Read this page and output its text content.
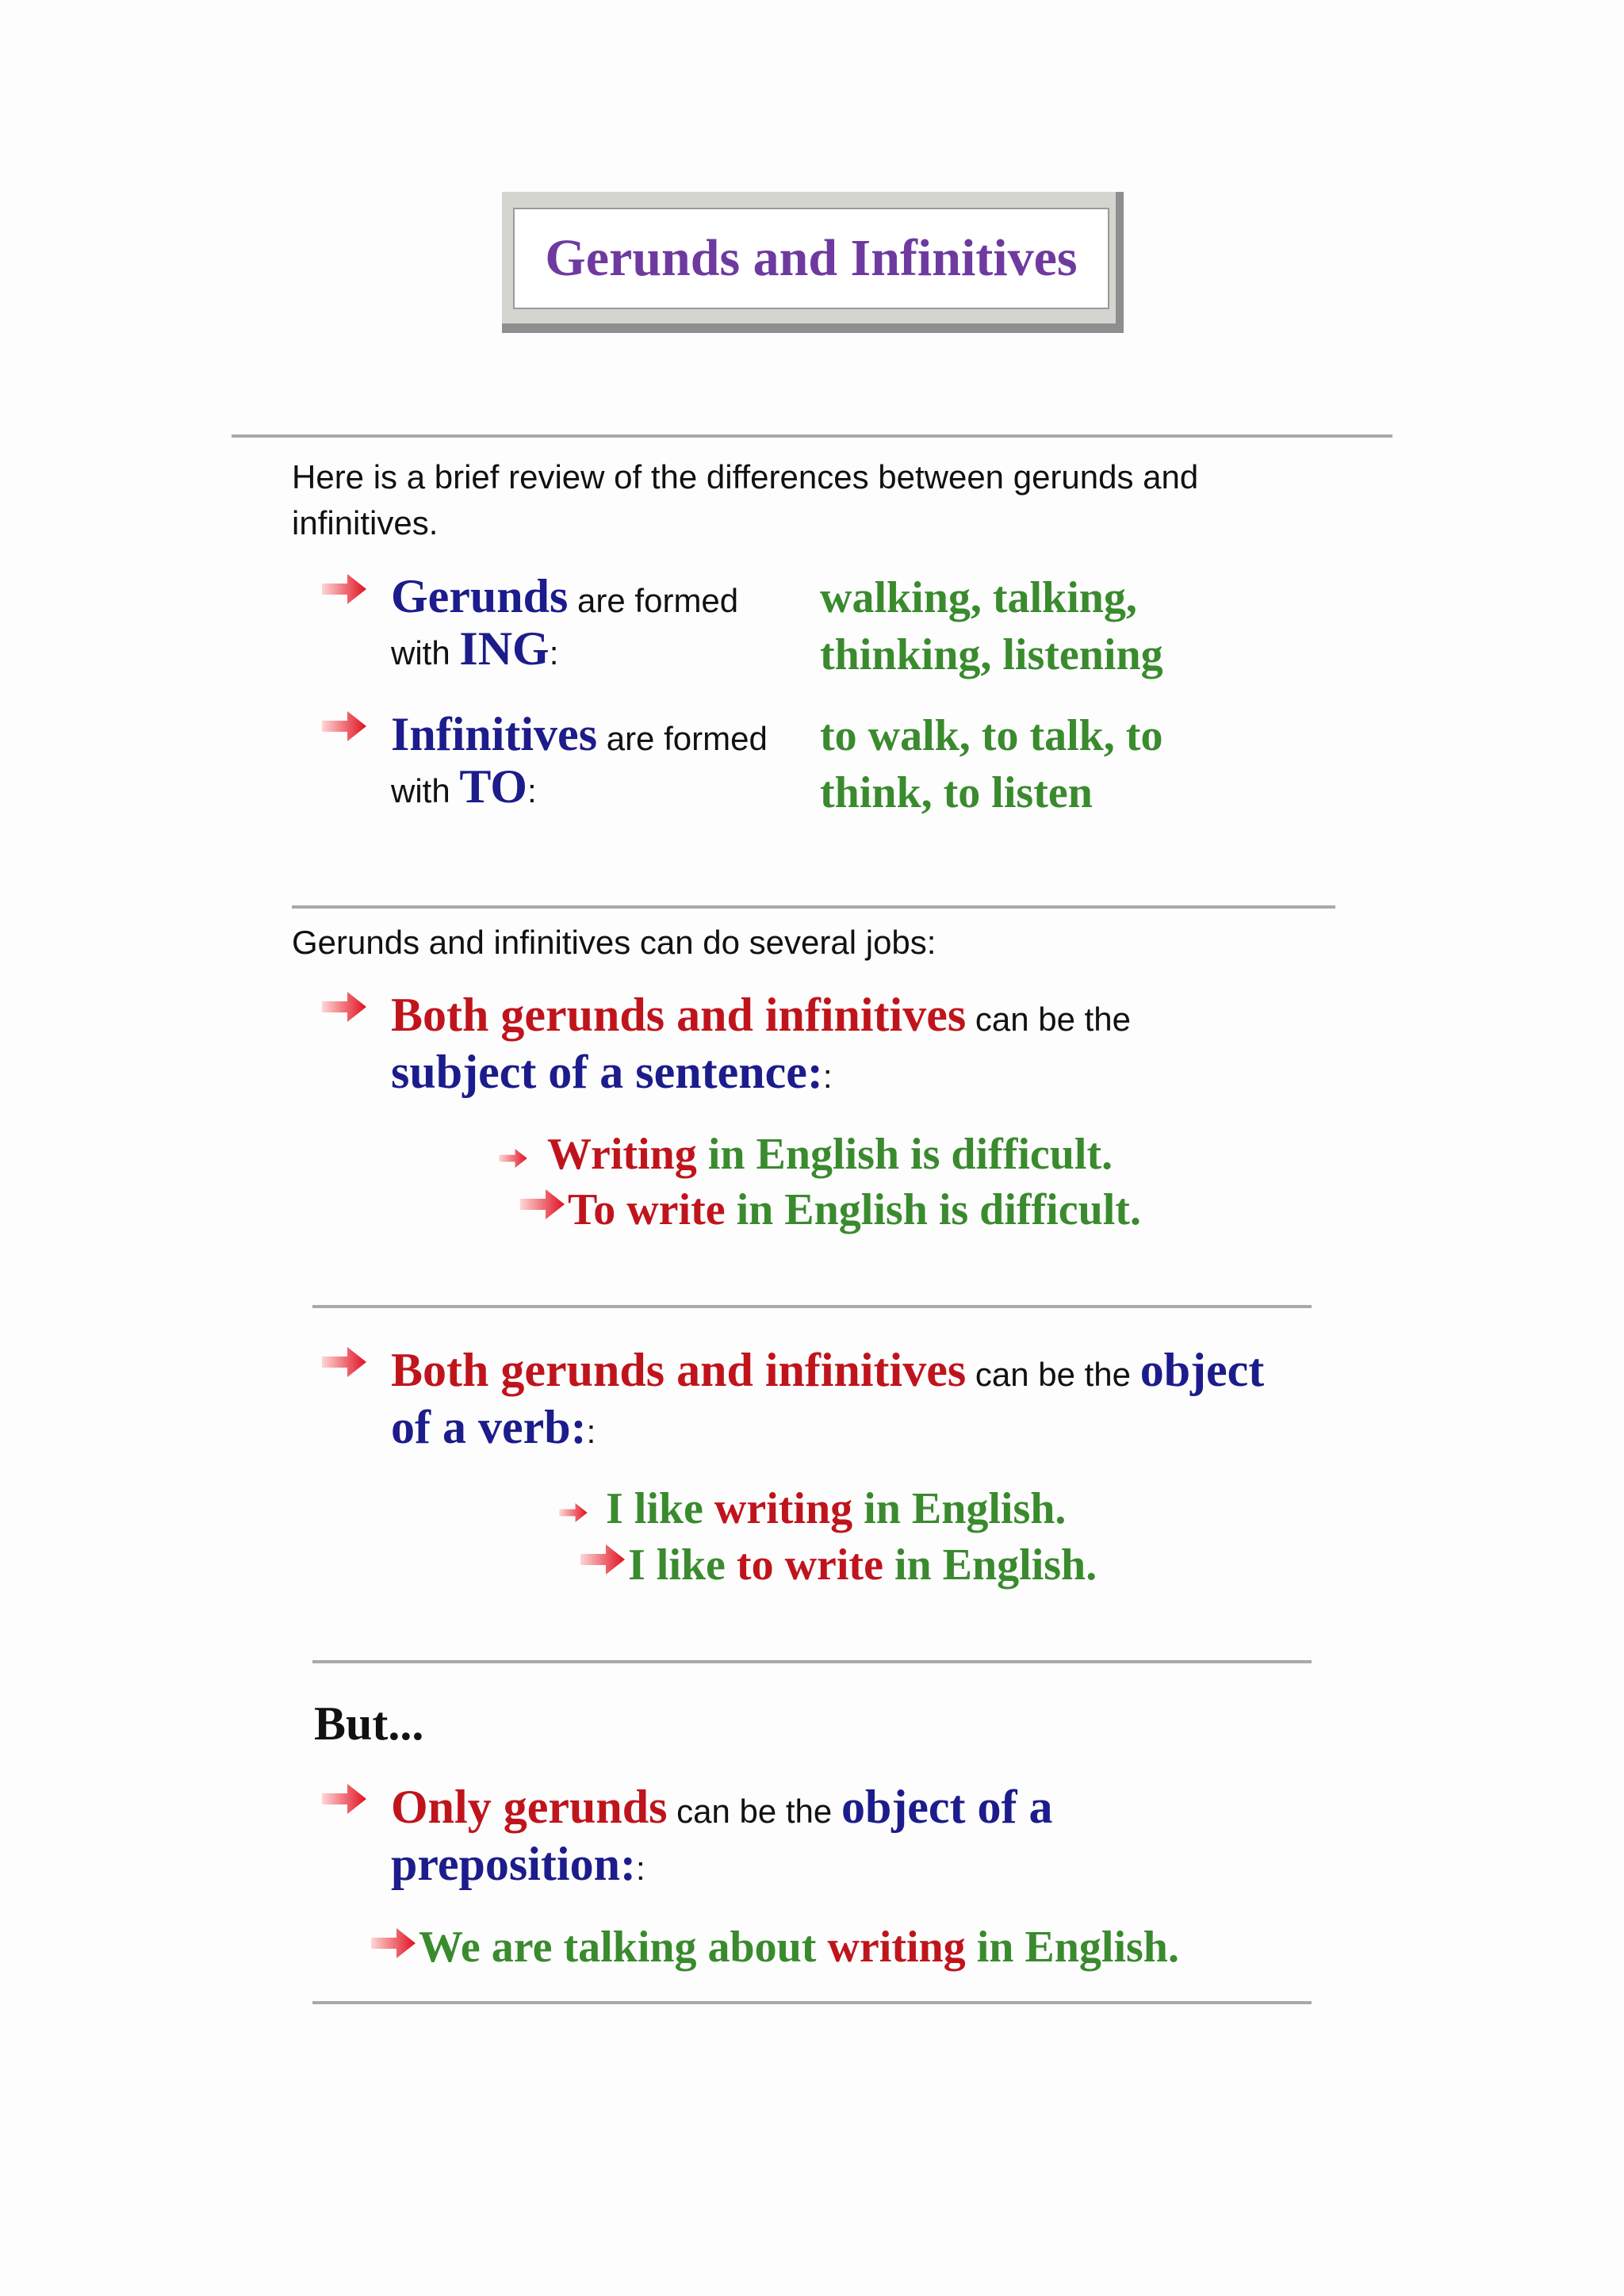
Gerunds and Infinitives
Here is a brief review of the differences between gerunds and infinitives.
Gerunds are formed
with ING:
walking, talking,
thinking, listening
Infinitives are formed
with TO:
to walk, to talk, to
think, to listen
Gerunds and infinitives can do several jobs:
Both gerunds and infinitives can be the
subject of a sentence::
Writing in English is difficult.
To write in English is difficult.
Both gerunds and infinitives can be the object
of a verb::
I like writing in English.
I like to write in English.
But...
Only gerunds can be the object of a
preposition::
We are talking about writing in English.
